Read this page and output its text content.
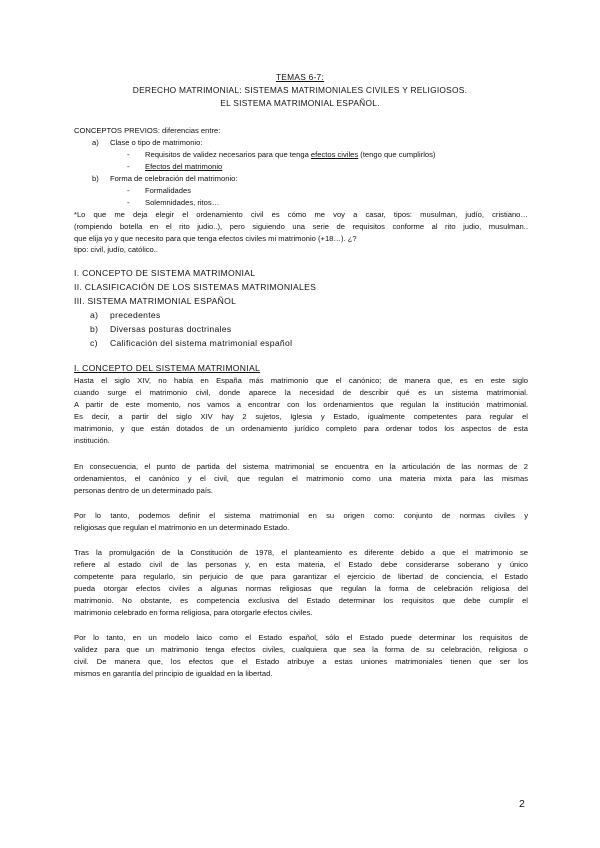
TEMAS 6-7:
DERECHO MATRIMONIAL: SISTEMAS MATRIMONIALES CIVILES Y RELIGIOSOS.
EL SISTEMA MATRIMONIAL ESPAÑOL.
CONCEPTOS PREVIOS: diferencias entre:
a) Clase o tipo de matrimonio:
- Requisitos de validez necesarios para que tenga efectos civiles (tengo que cumplirlos)
- Efectos del matrimonio
b) Forma de celebración del matrimonio:
- Formalidades
- Solemnidades, ritos…
*Lo que me deja elegir el ordenamiento civil es cómo me voy a casar, tipos: musulman, judío, cristiano…
(rompiendo botella en el rito judio..), pero siguiendo una serie de requisitos conforme al rito judio, musulman..
que elija yo y que necesito para que tenga efectos civiles mi matrimonio (+18…). ¿?
tipo: civil, judío, católico..
I. CONCEPTO DE SISTEMA MATRIMONIAL
II. CLASIFICACIÓN DE LOS SISTEMAS MATRIMONIALES
III. SISTEMA MATRIMONIAL ESPAÑOL
a) precedentes
b) Diversas posturas doctrinales
c) Calificación del sistema matrimonial español
I. CONCEPTO DEL SISTEMA MATRIMONIAL
Hasta el siglo XIV, no había en España más matrimonio que el canónico; de manera que, es en este siglo
cuando surge el matrimonio civil, donde aparece la necesidad de describir qué es un sistema matrimonial.
A partir de este momento, nos vamos a encontrar con los ordenamientos que regulan la institución matrimonial.
Es decir, a partir del siglo XIV hay 2 sujetos, Iglesia y Estado, igualmente competentes para regular el
matrimonio, y que están dotados de un ordenamiento jurídico completo para ordenar todos los aspectos de esta
institución.
En consecuencia, el punto de partida del sistema matrimonial se encuentra en la articulación de las normas de 2
ordenamientos, el canónico y el civil, que regulan el matrimonio como una materia mixta para las mismas
personas dentro de un determinado país.
Por lo tanto, podemos definir el sistema matrimonial en su origen como: conjunto de normas civiles y
religiosas que regulan el matrimonio en un determinado Estado.
Tras la promulgación de la Constitución de 1978, el planteamiento es diferente debido a que el matrimonio se
refiere al estado civil de las personas y, en esta materia, el Estado debe considerarse soberano y único
competente para regularlo, sin perjuicio de que para garantizar el ejercicio de libertad de conciencia, el Estado
pueda otorgar efectos civiles a algunas normas religiosas que regulan la forma de celebración religiosa del
matrimonio. No obstante, es competencia exclusiva del Estado determinar los requisitos que debe cumplir el
matrimonio celebrado en forma religiosa, para otorgarle efectos civiles.
Por lo tanto, en un modelo laico como el Estado español, sólo el Estado puede determinar los requisitos de
validez para que un matrimonio tenga efectos civiles, cualquiera que sea la forma de su celebración, religiosa o
civil. De manera que, los efectos que el Estado atribuye a estas uniones matrimoniales tienen que ser los
mismos en garantía del principio de igualdad en la libertad.
2
